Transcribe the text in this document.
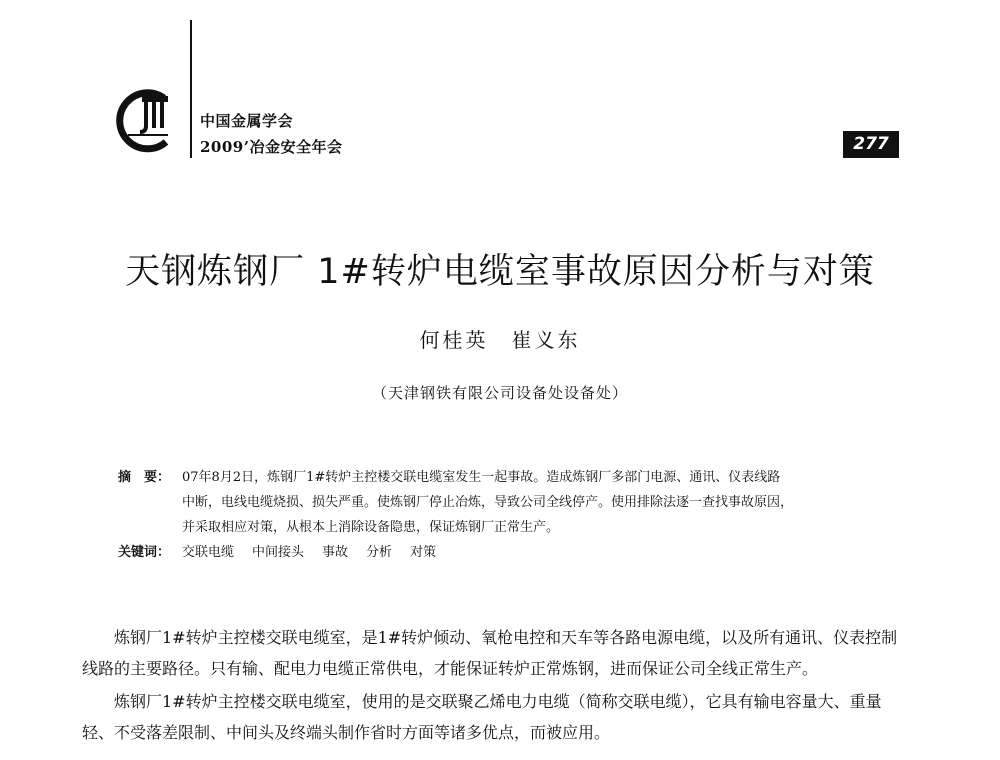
中国金属学会
2009’冶金安全年会	277
天钢炼钢厂 1#转炉电缆室事故原因分析与对策
何桂英　崔义东
（天津钢铁有限公司设备处设备处）
摘　要： 07年8月2日，炼钢厂1#转炉主控楼交联电缆室发生一起事故。造成炼钢厂多部门电源、通讯、仪表线路
中断，电线电缆烧损、损失严重。使炼钢厂停止冶炼，导致公司全线停产。使用排除法逐一查找事故原因，
并采取相应对策，从根本上消除设备隐患，保证炼钢厂正常生产。
关键词： 交联电缆 中间接头 事故 分析 对策

炼钢厂1#转炉主控楼交联电缆室，是1#转炉倾动、氧枪电控和天车等各路电源电缆，以及所有通讯、仪表控制线路的主要路径。只有输、配电力电缆正常供电，才能保证转炉正常炼钢，进而保证公司全线正常生产。

炼钢厂1#转炉主控楼交联电缆室，使用的是交联聚乙烯电力电缆（简称交联电缆），它具有输电容量大、重量轻、不受落差限制、中间头及终端头制作省时方面等诸多优点，而被应用。
